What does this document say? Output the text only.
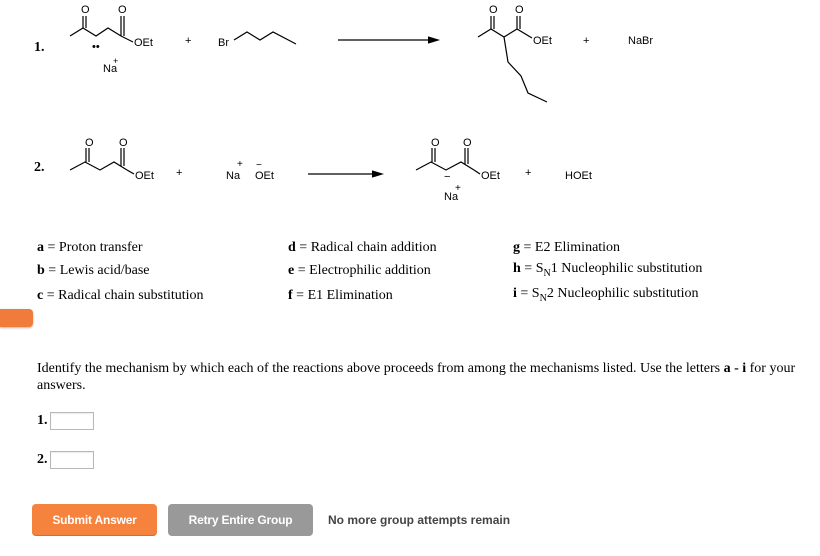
O	O
OEt
••
Na
+
+ Br
O O
OEt	+	NaBr
O O
OEt +	Na
+ −
OEt
O O
OEt
−
Na
+
+	HOEt
1.
2.
a = Proton transfer
b = Lewis acid/base
c = Radical chain substitution
d = Radical chain addition
e = Electrophilic addition
f = E1 Elimination
g = E2 Elimination
$h = S_N1$ Nucleophilic substitution
$i = S_N2$ Nucleophilic substitution
Identify the mechanism by which each of the reactions above proceeds from among the mechanisms listed. Use the letters a - i for your answers.
1.
2.
Submit Answer	Retry Entire Group	No more group attempts remain
